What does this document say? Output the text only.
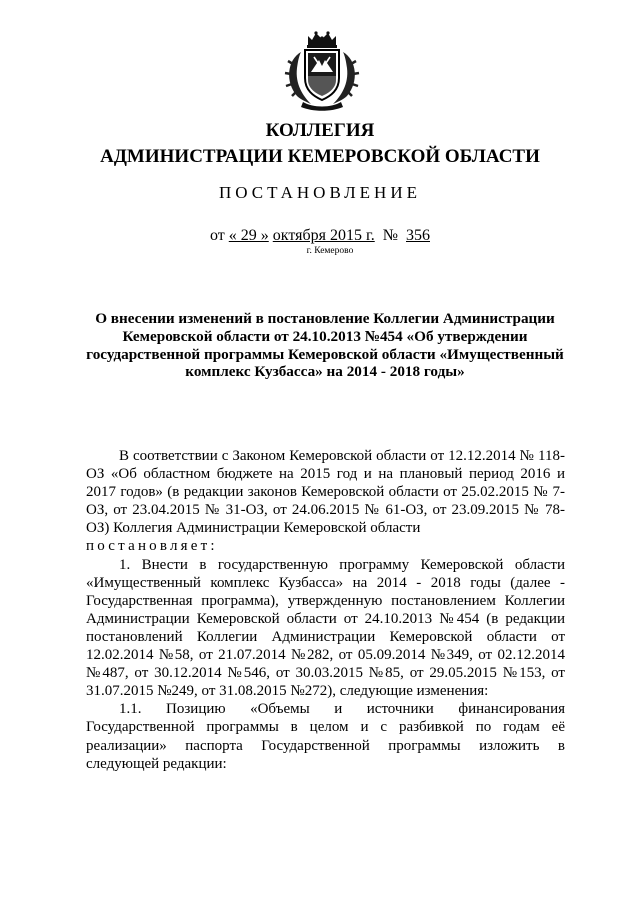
КОЛЛЕГИЯ
АДМИНИСТРАЦИИ КЕМЕРОВСКОЙ ОБЛАСТИ
ПОСТАНОВЛЕНИЕ
от « 29 » октября 2015 г. № 356
г. Кемерово
О внесении изменений в постановление Коллегии Администрации Кемеровской области от 24.10.2013 №454 «Об утверждении государственной программы Кемеровской области «Имущественный комплекс Кузбасса» на 2014 - 2018 годы»

В соответствии с Законом Кемеровской области от 12.12.2014 № 118-ОЗ «Об областном бюджете на 2015 год и на плановый период 2016 и 2017 годов» (в редакции законов Кемеровской области от 25.02.2015 № 7-ОЗ, от 23.04.2015 № 31-ОЗ, от 24.06.2015 № 61-ОЗ, от 23.09.2015 № 78-ОЗ) Коллегия Администрации Кемеровской области

постановляет:

1. Внести в государственную программу Кемеровской области «Имущественный комплекс Кузбасса» на 2014 - 2018 годы (далее - Государственная программа), утвержденную постановлением Коллегии Администрации Кемеровской области от 24.10.2013 №454 (в редакции постановлений Коллегии Администрации Кемеровской области от 12.02.2014 №58, от 21.07.2014 №282, от 05.09.2014 №349, от 02.12.2014 №487, от 30.12.2014 №546, от 30.03.2015 №85, от 29.05.2015 №153, от 31.07.2015 №249, от 31.08.2015 №272), следующие изменения:

1.1. Позицию «Объемы и источники финансирования Государственной программы в целом и с разбивкой по годам её реализации» паспорта Государственной программы изложить в следующей редакции:
